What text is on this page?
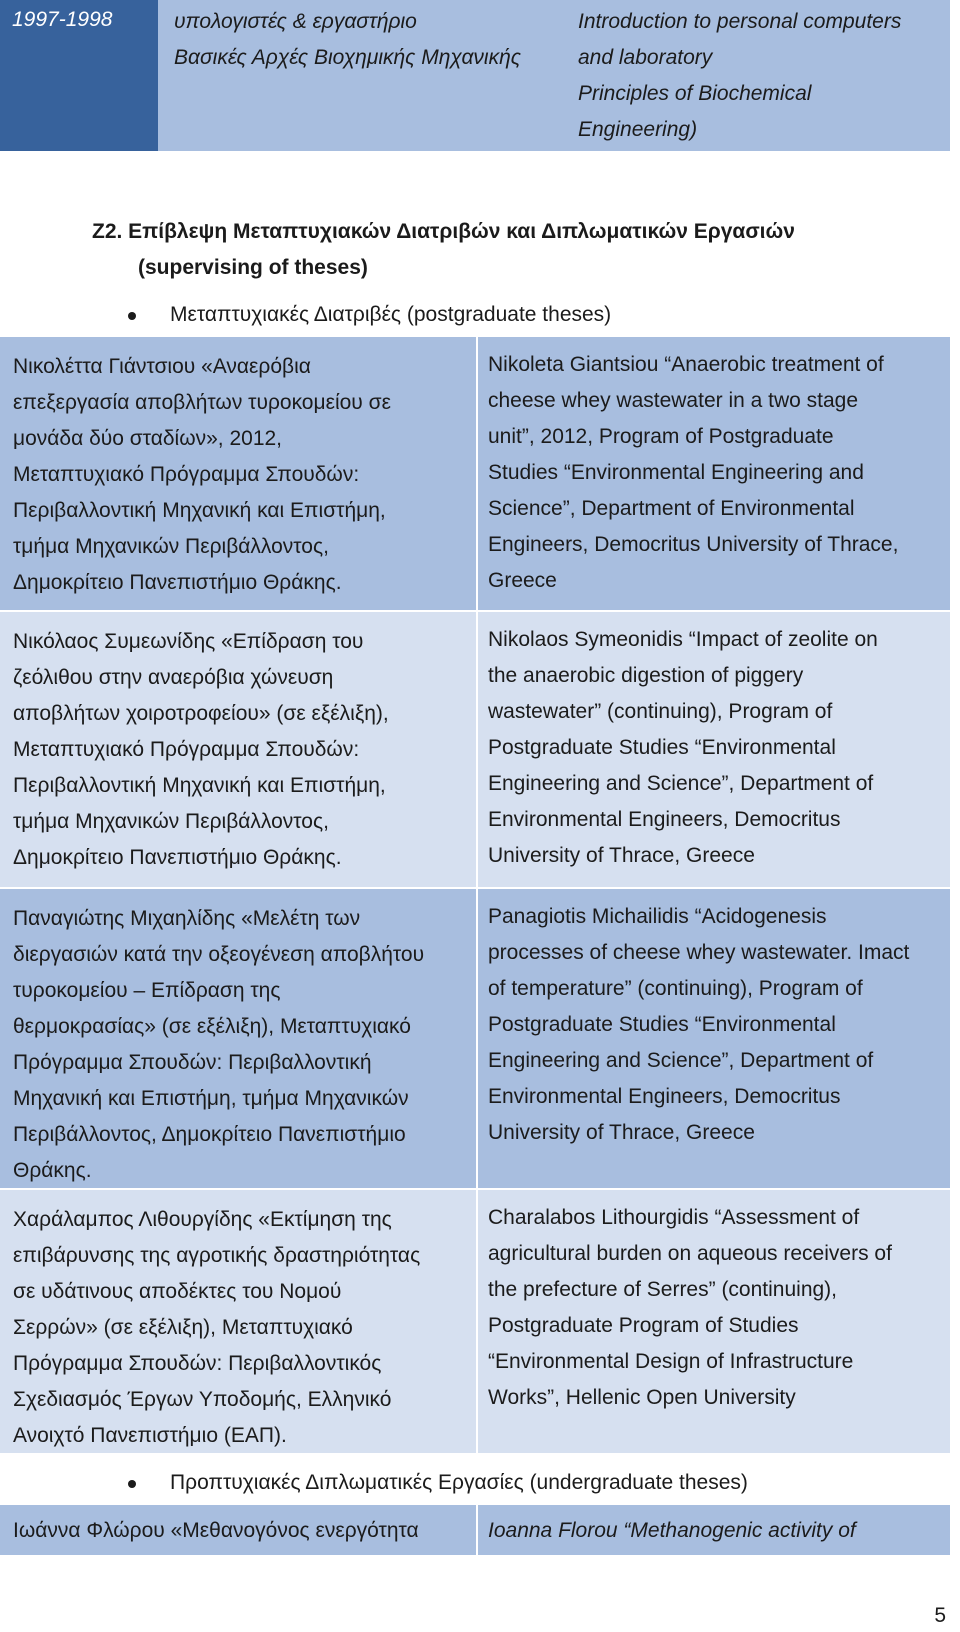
1997-1998	υπολογιστές & εργαστήριο
Βασικές Αρχές Βιοχημικής Μηχανικής
Introduction to personal computers
and laboratory
Principles of Biochemical
Engineering)
Ζ2. Επίβλεψη Μεταπτυχιακών Διατριβών και Διπλωματικών Εργασιών
(supervising of theses)
Μεταπτυχιακές Διατριβές (postgraduate theses)
Νικολέττα Γιάντσιου «Αναερόβια
επεξεργασία αποβλήτων τυροκομείου σε
μονάδα δύο σταδίων», 2012,
Μεταπτυχιακό Πρόγραμμα Σπουδών:
Περιβαλλοντική Μηχανική και Επιστήμη,
τμήμα Μηχανικών Περιβάλλοντος,
Δημοκρίτειο Πανεπιστήμιο Θράκης.
Nikoleta Giantsiou “Anaerobic treatment of
cheese whey wastewater in a two stage
unit”, 2012, Program of Postgraduate
Studies “Environmental Engineering and
Science”, Department of Environmental
Engineers, Democritus University of Thrace,
Greece
Νικόλαος Συμεωνίδης «Επίδραση του
ζεόλιθου στην αναερόβια χώνευση
αποβλήτων χοιροτροφείου» (σε εξέλιξη),
Μεταπτυχιακό Πρόγραμμα Σπουδών:
Περιβαλλοντική Μηχανική και Επιστήμη,
τμήμα Μηχανικών Περιβάλλοντος,
Δημοκρίτειο Πανεπιστήμιο Θράκης.
Nikolaos Symeonidis “Impact of zeolite on
the anaerobic digestion of piggery
wastewater” (continuing), Program of
Postgraduate Studies “Environmental
Engineering and Science”, Department of
Environmental Engineers, Democritus
University of Thrace, Greece
Παναγιώτης Μιχαηλίδης «Μελέτη των
διεργασιών κατά την οξεογένεση αποβλήτου
τυροκομείου – Επίδραση της
θερμοκρασίας» (σε εξέλιξη), Μεταπτυχιακό
Πρόγραμμα Σπουδών: Περιβαλλοντική
Μηχανική και Επιστήμη, τμήμα Μηχανικών
Περιβάλλοντος, Δημοκρίτειο Πανεπιστήμιο
Θράκης.
Panagiotis Michailidis “Acidogenesis
processes of cheese whey wastewater. Imact
of temperature” (continuing), Program of
Postgraduate Studies “Environmental
Engineering and Science”, Department of
Environmental Engineers, Democritus
University of Thrace, Greece
Χαράλαμπος Λιθουργίδης «Εκτίμηση της
επιβάρυνσης της αγροτικής δραστηριότητας
σε υδάτινους αποδέκτες του Νομού
Σερρών» (σε εξέλιξη), Μεταπτυχιακό
Πρόγραμμα Σπουδών: Περιβαλλοντικός
Σχεδιασμός Έργων Υποδομής, Ελληνικό
Ανοιχτό Πανεπιστήμιο (ΕΑΠ).
Charalabos Lithourgidis “Assessment of
agricultural burden on aqueous receivers of
the prefecture of Serres” (continuing),
Postgraduate Program of Studies
“Environmental Design of Infrastructure
Works”, Hellenic Open University
Προπτυχιακές Διπλωματικές Εργασίες (undergraduate theses)
Ιωάννα Φλώρου «Μεθανογόνος ενεργότητα	Ioanna Florou “Methanogenic activity of
5
